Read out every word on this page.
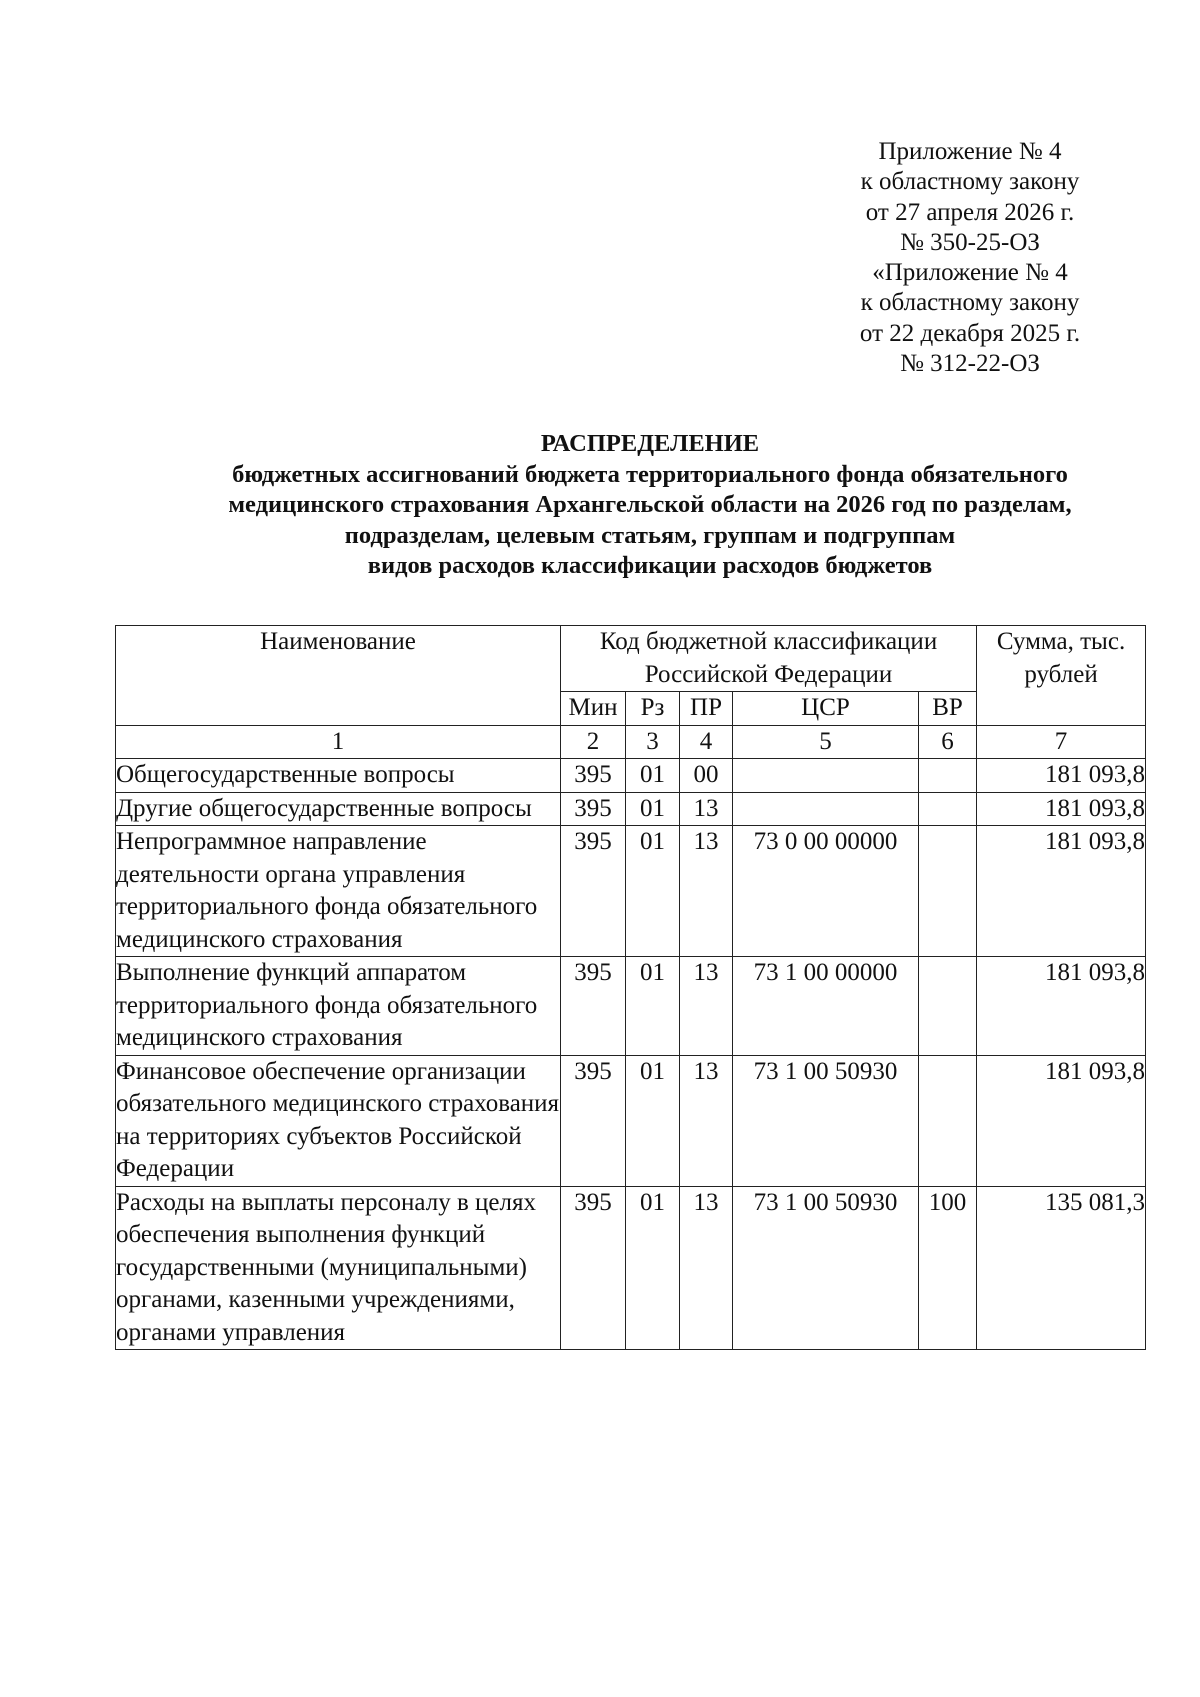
Приложение № 4
к областному закону
от 27 апреля 2026 г.
№ 350-25-ОЗ
«Приложение № 4
к областному закону
от 22 декабря 2025 г.
№ 312-22-ОЗ
РАСПРЕДЕЛЕНИЕ
бюджетных ассигнований бюджета территориального фонда обязательного
медицинского страхования Архангельской области на 2026 год по разделам,
подразделам, целевым статьям, группам и подгруппам
видов расходов классификации расходов бюджетов
Наименование	Код бюджетной классификации Российской Федерации					Сумма, тыс. рублей
	Мин	Рз	ПР	ЦСР	ВР	
1	2	3	4	5	6	7
Общегосударственные вопросы	395	01	00			181 093,8
Другие общегосударственные вопросы	395	01	13			181 093,8
Непрограммное направление деятельности органа управления территориального фонда обязательного медицинского страхования	395	01	13	73 0 00 00000		181 093,8
Выполнение функций аппаратом территориального фонда обязательного медицинского страхования	395	01	13	73 1 00 00000		181 093,8
Финансовое обеспечение организации обязательного медицинского страхования на территориях субъектов Российской Федерации	395	01	13	73 1 00 50930		181 093,8
Расходы на выплаты персоналу в целях обеспечения выполнения функций государственными (муниципальными) органами, казенными учреждениями, органами управления	395	01	13	73 1 00 50930	100	135 081,3
